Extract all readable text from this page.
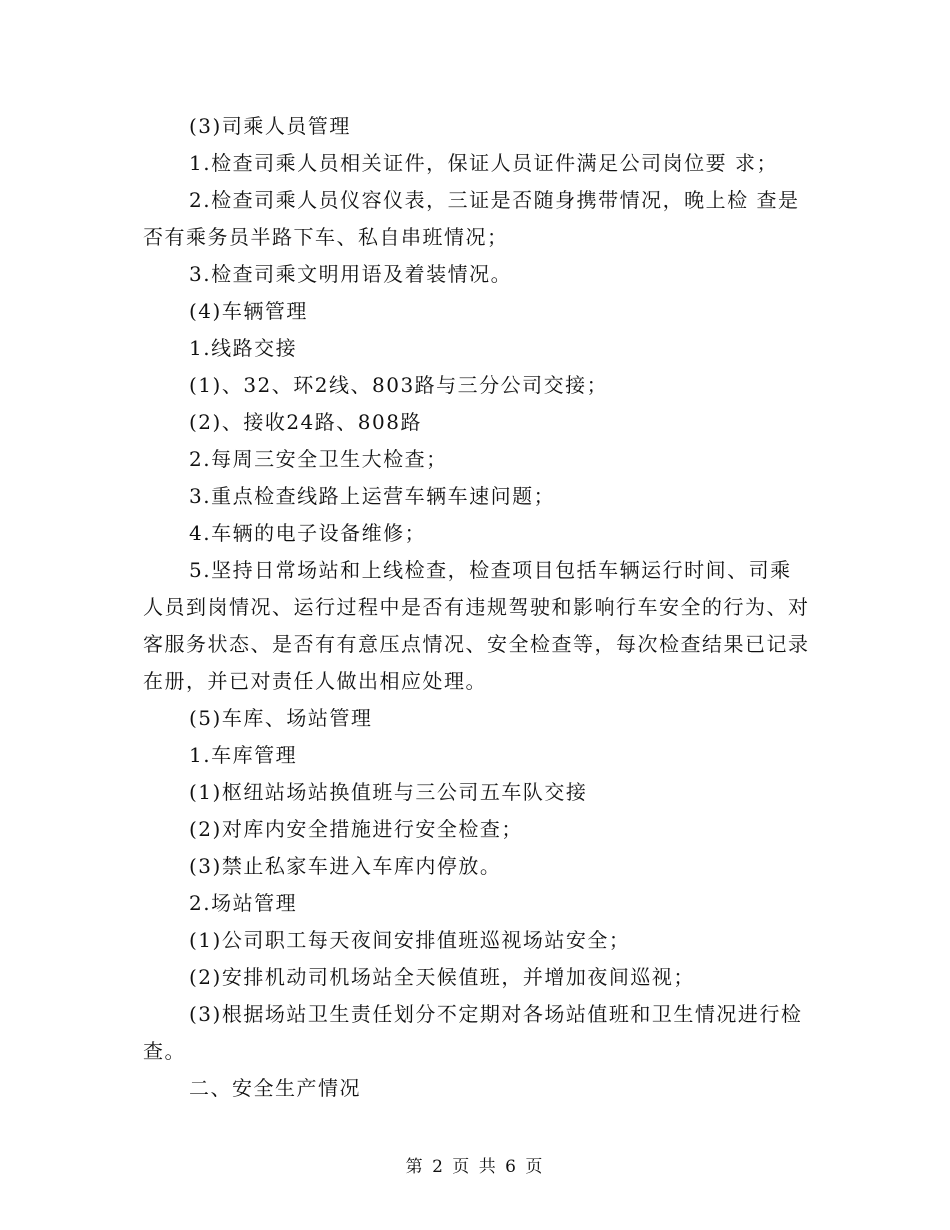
(3)司乘人员管理

1.检查司乘人员相关证件，保证人员证件满足公司岗位要 求；

2.检查司乘人员仪容仪表，三证是否随身携带情况，晚上检 查是否有乘务员半路下车、私自串班情况；

3.检查司乘文明用语及着装情况。

(4)车辆管理

1.线路交接

(1)、32、环2线、803路与三分公司交接；

(2)、接收24路、808路

2.每周三安全卫生大检查；

3.重点检查线路上运营车辆车速问题；

4.车辆的电子设备维修；

5.坚持日常场站和上线检查，检查项目包括车辆运行时间、司乘人员到岗情况、运行过程中是否有违规驾驶和影响行车安全的行为、对客服务状态、是否有有意压点情况、安全检查等，每次检查结果已记录在册，并已对责任人做出相应处理。

(5)车库、场站管理

1.车库管理

(1)枢纽站场站换值班与三公司五车队交接

(2)对库内安全措施进行安全检查；

(3)禁止私家车进入车库内停放。

2.场站管理

(1)公司职工每天夜间安排值班巡视场站安全；

(2)安排机动司机场站全天候值班，并增加夜间巡视；

(3)根据场站卫生责任划分不定期对各场站值班和卫生情况进行检查。

二、安全生产情况

第 2 页 共 6 页
